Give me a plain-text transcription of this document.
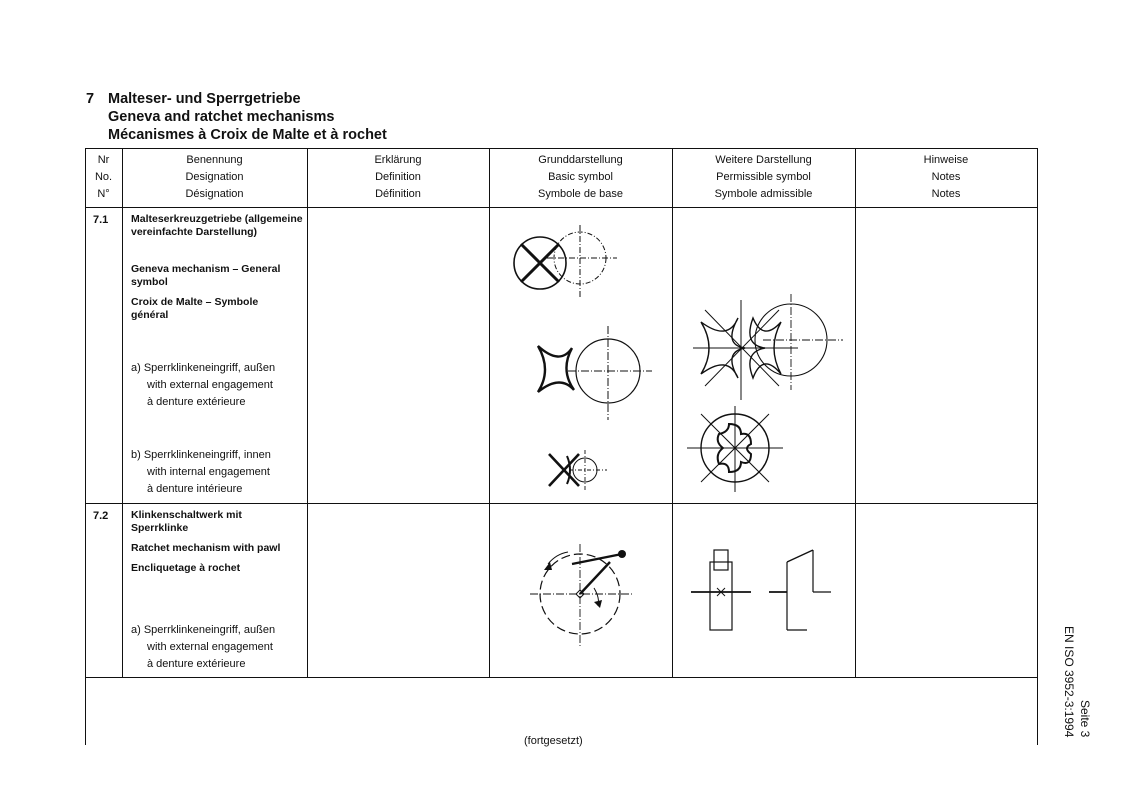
7 Malteser- und Sperrgetriebe
Geneva and ratchet mechanisms
Mécanismes à Croix de Malte et à rochet
Nr
No.
N°
Benennung
Designation
Désignation
Erklärung
Definition
Définition
Grunddarstellung
Basic symbol
Symbole de base
Weitere Darstellung
Permissible symbol
Symbole admissible
Hinweise
Notes
Notes
7.1 Malteserkreuzgetriebe (allgemeine vereinfachte Darstellung)
Geneva mechanism – General symbol
Croix de Malte – Symbole général
a) Sperrklinkeneingriff, außen
with external engagement
à denture extérieure
b) Sperrklinkeneingriff, innen
with internal engagement
à denture intérieure
7.2 Klinkenschaltwerk mit Sperrklinke
Ratchet mechanism with pawl
Encliquetage à rochet
a) Sperrklinkeneingriff, außen
with external engagement
à denture extérieure
(fortgesetzt)
EN ISO 3952-3:1994 Seite 3
